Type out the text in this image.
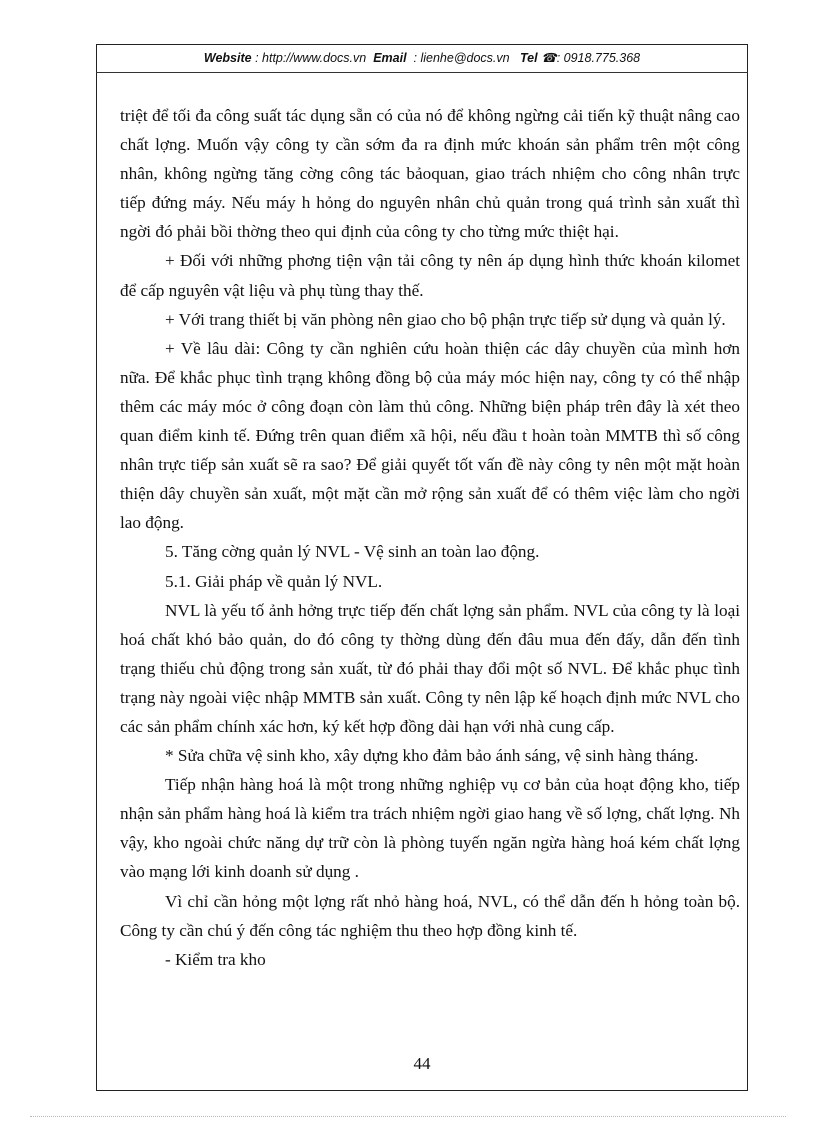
Website : http://www.docs.vn Email : lienhe@docs.vn Tel ☎: 0918.775.368

triệt để tối đa công suất tác dụng sẵn có của nó để không ngừng cải tiến kỹ thuật nâng cao chất lợng. Muốn vậy công ty cần sớm đa ra định mức khoán sản phẩm trên một công nhân, không ngừng tăng cờng công tác bảoquan, giao trách nhiệm cho công nhân trực tiếp đứng máy. Nếu máy h hỏng do nguyên nhân chủ quản trong quá trình sản xuất thì ngời đó phải bồi thờng theo qui định của công ty cho từng mức thiệt hại.

+ Đối với những phơng tiện vận tải công ty nên áp dụng hình thức khoán kilomet để cấp nguyên vật liệu và phụ tùng thay thế.

+ Với trang thiết bị văn phòng nên giao cho bộ phận trực tiếp sử dụng và quản lý.

+ Về lâu dài: Công ty cần nghiên cứu hoàn thiện các dây chuyền của mình hơn nữa. Để khắc phục tình trạng không đồng bộ của máy móc hiện nay, công ty có thể nhập thêm các máy móc ở công đoạn còn làm thủ công. Những biện pháp trên đây là xét theo quan điểm kinh tế. Đứng trên quan điểm xã hội, nếu đầu t hoàn toàn MMTB thì số công nhân trực tiếp sản xuất sẽ ra sao? Để giải quyết tốt vấn đề này công ty nên một mặt hoàn thiện dây chuyền sản xuất, một mặt cần mở rộng sản xuất để có thêm việc làm cho ngời lao động.

5. Tăng cờng quản lý NVL - Vệ sinh an toàn lao động.

5.1. Giải pháp về quản lý NVL.

NVL là yếu tố ảnh hởng trực tiếp đến chất lợng sản phẩm. NVL của công ty là loại hoá chất khó bảo quản, do đó công ty thờng dùng đến đâu mua đến đấy, dẫn đến tình trạng thiếu chủ động trong sản xuất, từ đó phải thay đổi một số NVL. Để khắc phục tình trạng này ngoài việc nhập MMTB sản xuất. Công ty nên lập kế hoạch định mức NVL cho các sản phẩm chính xác hơn, ký kết hợp đồng dài hạn với nhà cung cấp.

* Sửa chữa vệ sinh kho, xây dựng kho đảm bảo ánh sáng, vệ sinh hàng tháng.

Tiếp nhận hàng hoá là một trong những nghiệp vụ cơ bản của hoạt động kho, tiếp nhận sản phẩm hàng hoá là kiểm tra trách nhiệm ngời giao hang về số lợng, chất lợng. Nh vậy, kho ngoài chức năng dự trữ còn là phòng tuyến ngăn ngừa hàng hoá kém chất lợng vào mạng lới kinh doanh sử dụng .

Vì chỉ cần hỏng một lợng rất nhỏ hàng hoá, NVL, có thể dẫn đến h hỏng toàn bộ. Công ty cần chú ý đến công tác nghiệm thu theo hợp đồng kinh tế.

- Kiểm tra kho

44
